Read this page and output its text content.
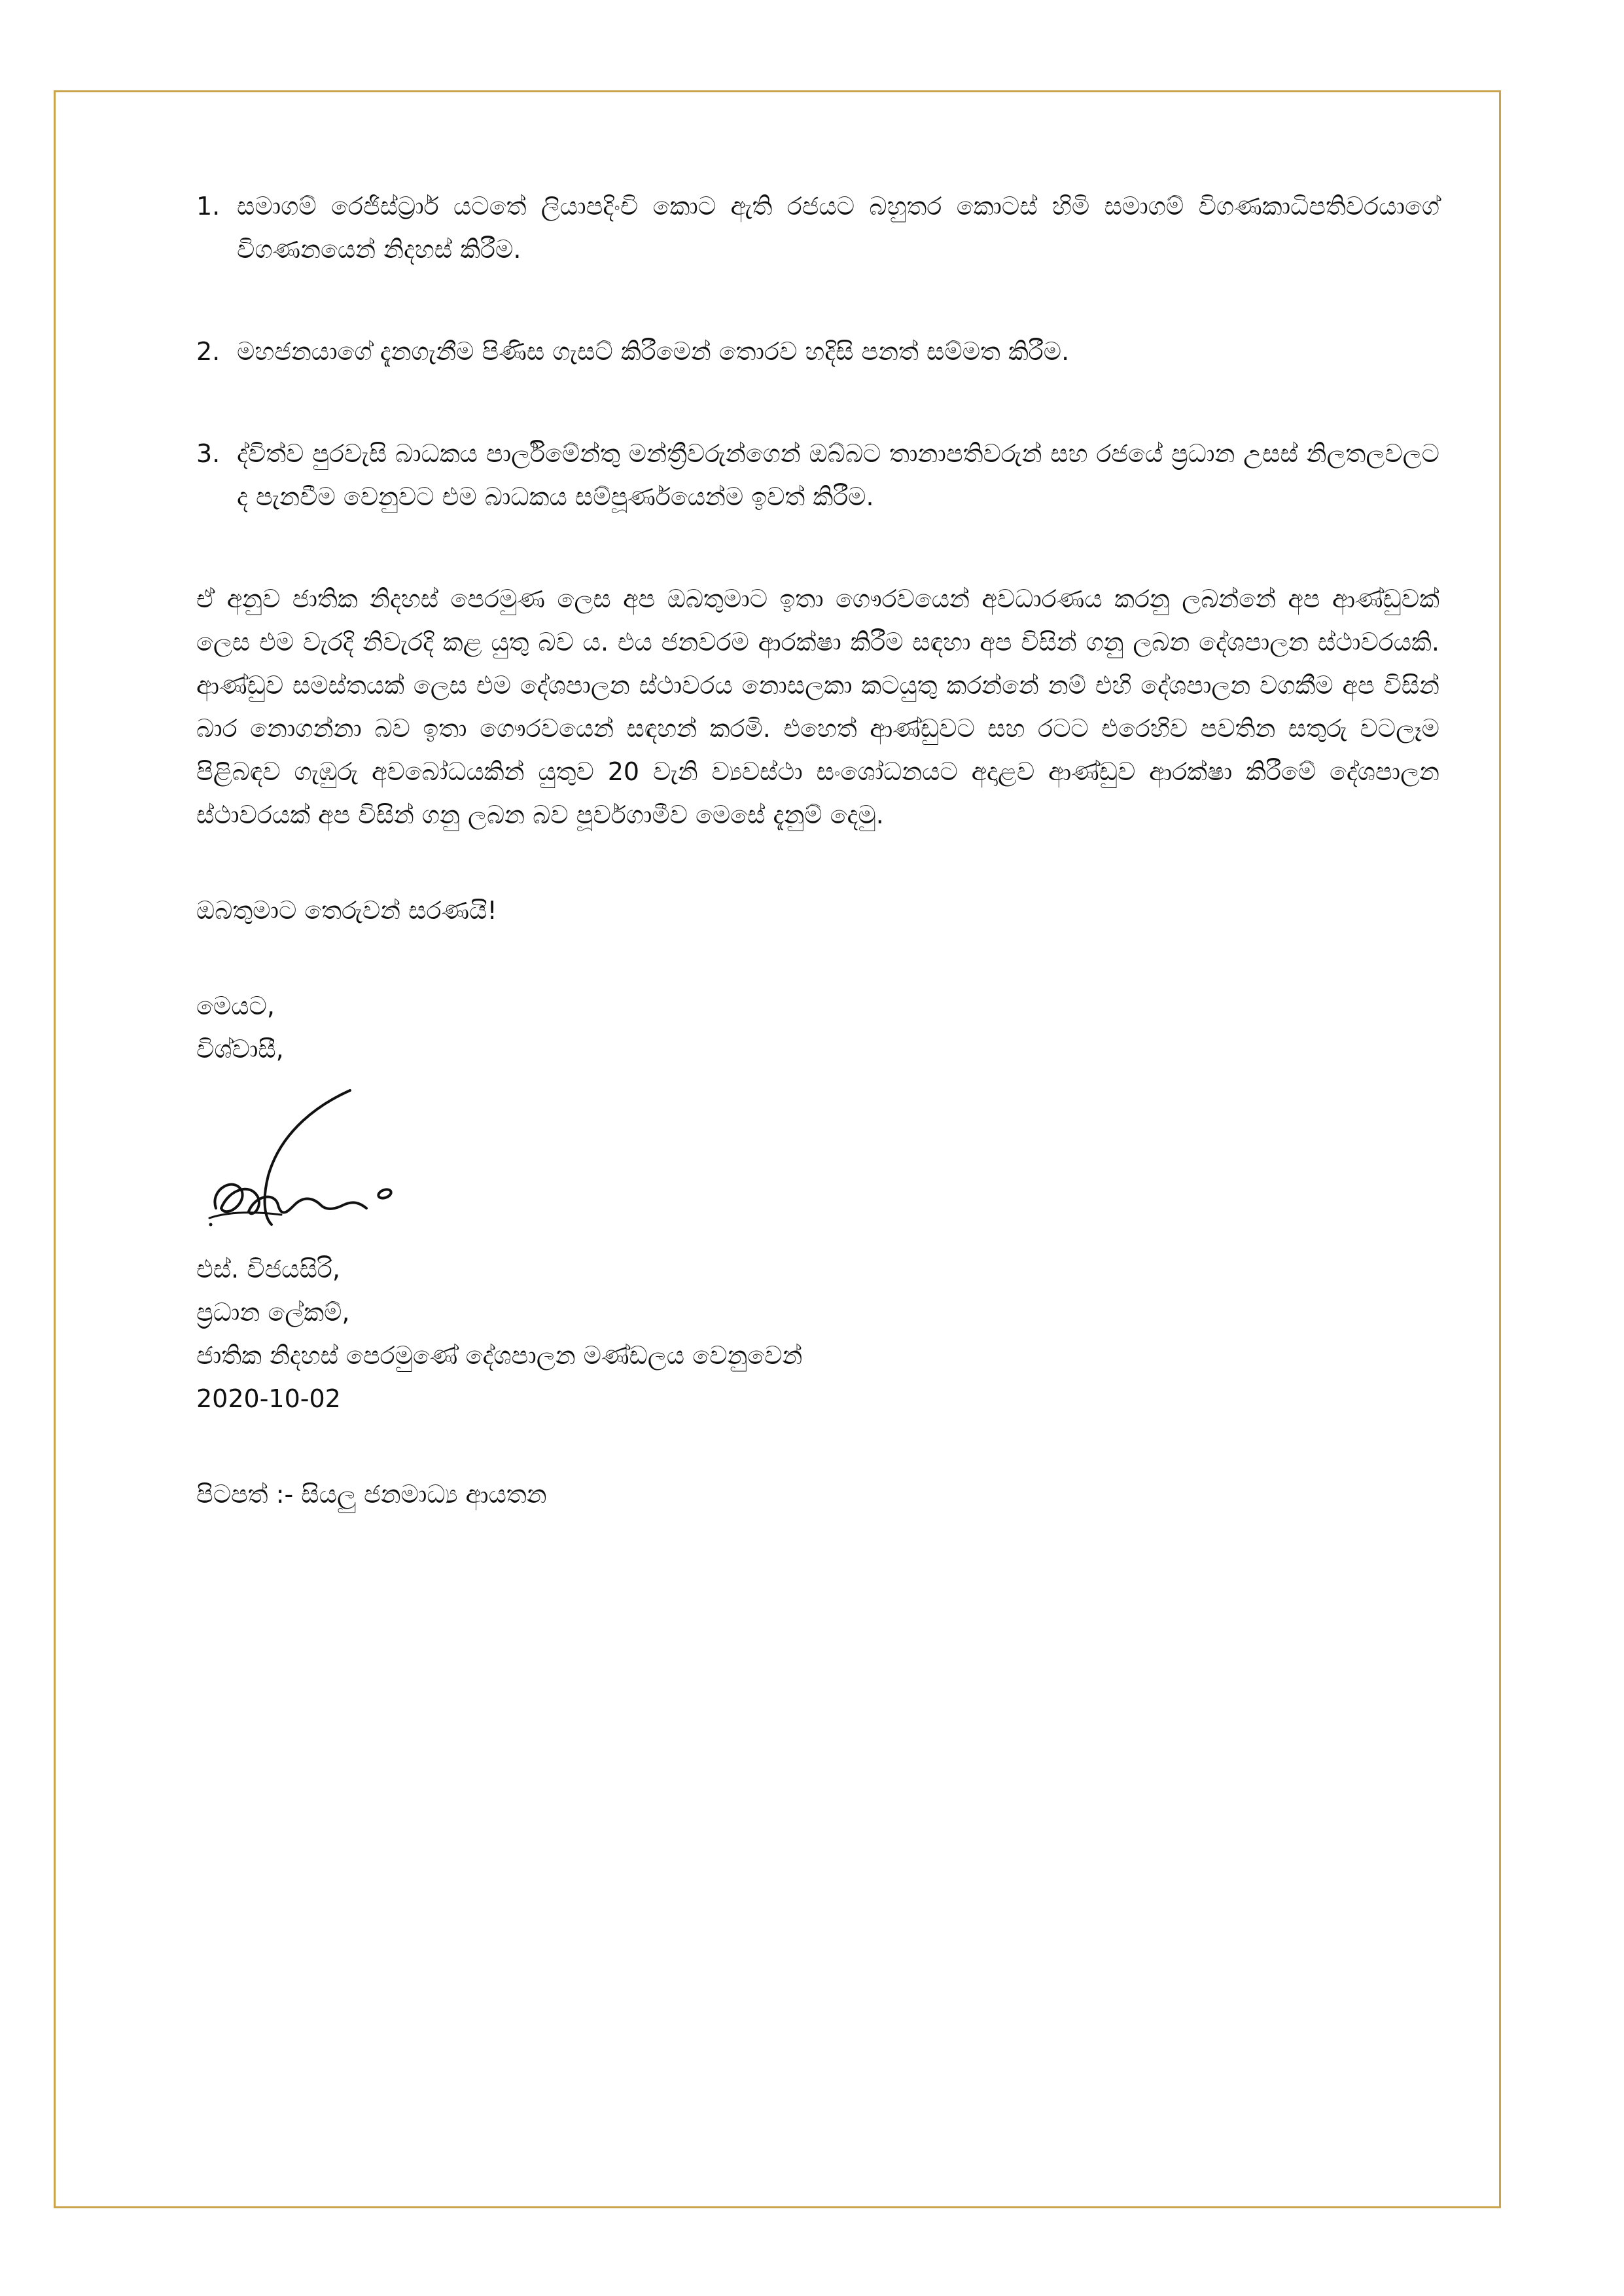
1. සමාගම් රෙජිස්ට්‍රාර් යටතේ ලියාපදිංචි කොට ඇති රජයට බහුතර කොටස් හිමි සමාගම් විගණකාධිපතිවරයාගේ විගණනයෙන් නිදහස් කිරීම.
2. මහජනයාගේ දැනගැනීම පිණිස ගැසට් කිරීමෙන් තොරව හදිසි පනත් සම්මත කිරීම.
3. ද්විත්ව පුරවැසි බාධකය පාර්ලිමේන්තු මන්ත්‍රීවරුන්ගෙන් ඔබ්බට තානාපතිවරුන් සහ රජයේ ප්‍රධාන උසස් නිලතලවලට ද පැනවීම වෙනුවට එම බාධකය සම්පූර්ණයෙන්ම ඉවත් කිරීම.

ඒ අනුව ජාතික නිදහස් පෙරමුණ ලෙස අප ඔබතුමාට ඉතා ගෞරවයෙන් අවධාරණය කරනු ලබන්නේ අප ආණ්ඩුවක් ලෙස එම වැරදි නිවැරදි කළ යුතු බව ය. එය ජනවරම ආරක්ෂා කිරීම සඳහා අප විසින් ගනු ලබන දේශපාලන ස්ථාවරයකි. ආණ්ඩුව සමස්තයක් ලෙස එම දේශපාලන ස්ථාවරය නොසලකා කටයුතු කරන්නේ නම් එහි දේශපාලන වගකීම අප විසින් බාර නොගන්නා බව ඉතා ගෞරවයෙන් සඳහන් කරමි. එහෙත් ආණ්ඩුවට සහ රටට එරෙහිව පවතින සතුරු වටලෑම පිළිබඳව ගැඹුරු අවබෝධයකින් යුතුව 20 වැනි ව්‍යවස්ථා සංශෝධනයට අදාළව ආණ්ඩුව ආරක්ෂා කිරීමේ දේශපාලන ස්ථාවරයක් අප විසින් ගනු ලබන බව පූර්වගාමීව මෙසේ දැනුම් දෙමු.

ඔබතුමාට තෙරුවන් සරණයි!

මෙයට,
විශ්වාසී,
එස්. විජයසිරි,
ප්‍රධාන ලේකම්,
ජාතික නිදහස් පෙරමුණේ දේශපාලන මණ්ඩලය වෙනුවෙන්
2020-10-02

පිටපත් :- සියලු ජනමාධ්‍ය ආයතන
